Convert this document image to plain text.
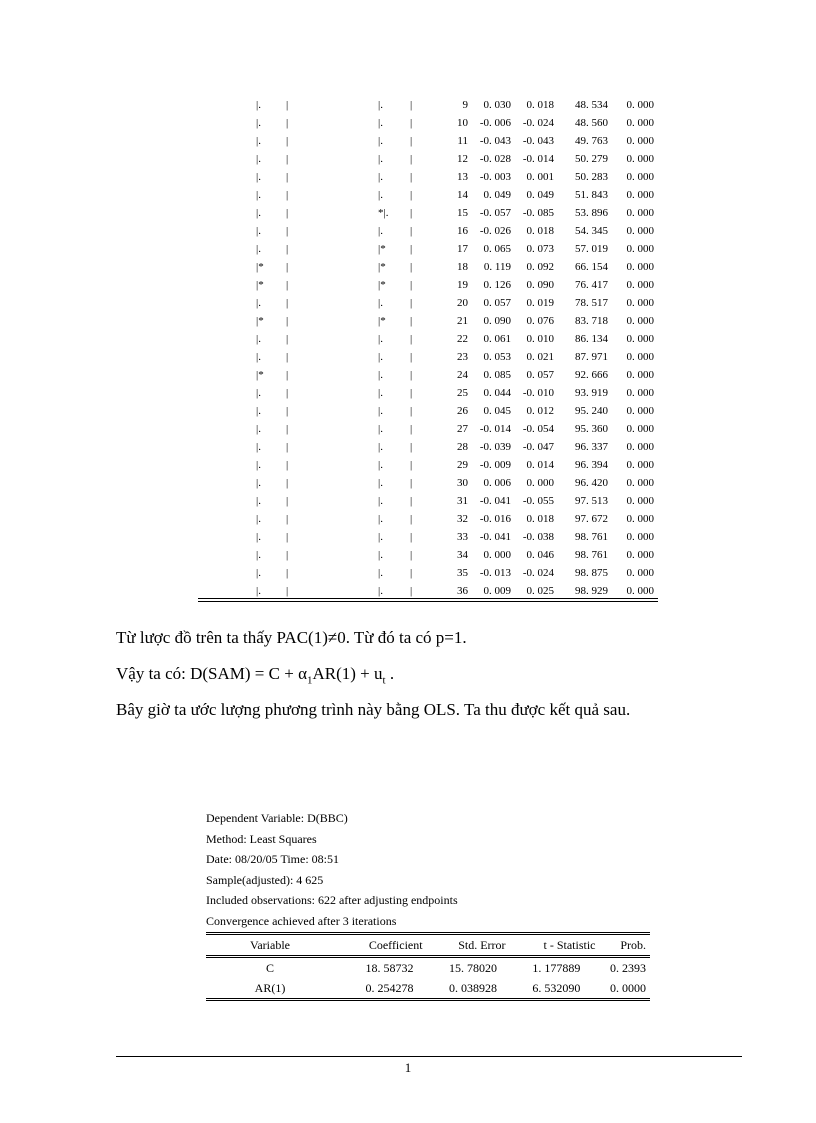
|. |	|. |	9	0. 030	0. 018	48. 534	0. 000
|. |	|. |	10	-0. 006	-0. 024	48. 560	0. 000
|. |	|. |	11	-0. 043	-0. 043	49. 763	0. 000
|. |	|. |	12	-0. 028	-0. 014	50. 279	0. 000
|. |	|. |	13	-0. 003	0. 001	50. 283	0. 000
|. |	|. |	14	0. 049	0. 049	51. 843	0. 000
|. |	*|. |	15	-0. 057	-0. 085	53. 896	0. 000
|. |	|. |	16	-0. 026	0. 018	54. 345	0. 000
|. |	|* |	17	0. 065	0. 073	57. 019	0. 000
|* |	|* |	18	0. 119	0. 092	66. 154	0. 000
|* |	|* |	19	0. 126	0. 090	76. 417	0. 000
|. |	|. |	20	0. 057	0. 019	78. 517	0. 000
|* |	|* |	21	0. 090	0. 076	83. 718	0. 000
|. |	|. |	22	0. 061	0. 010	86. 134	0. 000
|. |	|. |	23	0. 053	0. 021	87. 971	0. 000
|* |	|. |	24	0. 085	0. 057	92. 666	0. 000
|. |	|. |	25	0. 044	-0. 010	93. 919	0. 000
|. |	|. |	26	0. 045	0. 012	95. 240	0. 000
|. |	|. |	27	-0. 014	-0. 054	95. 360	0. 000
|. |	|. |	28	-0. 039	-0. 047	96. 337	0. 000
|. |	|. |	29	-0. 009	0. 014	96. 394	0. 000
|. |	|. |	30	0. 006	0. 000	96. 420	0. 000
|. |	|. |	31	-0. 041	-0. 055	97. 513	0. 000
|. |	|. |	32	-0. 016	0. 018	97. 672	0. 000
|. |	|. |	33	-0. 041	-0. 038	98. 761	0. 000
|. |	|. |	34	0. 000	0. 046	98. 761	0. 000
|. |	|. |	35	-0. 013	-0. 024	98. 875	0. 000
|. |	|. |	36	0. 009	0. 025	98. 929	0. 000
Từ lược đồ trên ta thấy PAC(1)≠0. Từ đó ta có p=1.
Vậy ta có: $D(SAM) = C + \alpha_1AR(1) + u_t$ .
Bây giờ ta ước lượng phương trình này bằng OLS. Ta thu được kết quả sau.
Dependent Variable: D(BBC)
Method: Least Squares
Date: 08/20/05 Time: 08:51
Sample(adjusted): 4 625
Included observations: 622 after adjusting endpoints
Convergence achieved after 3 iterations
Variable	Coefficient	Std. Error	t - Statistic	Prob.
C	18. 58732	15. 78020	1. 177889	0. 2393
AR(1)	0. 254278	0. 038928	6. 532090	0. 0000
1
